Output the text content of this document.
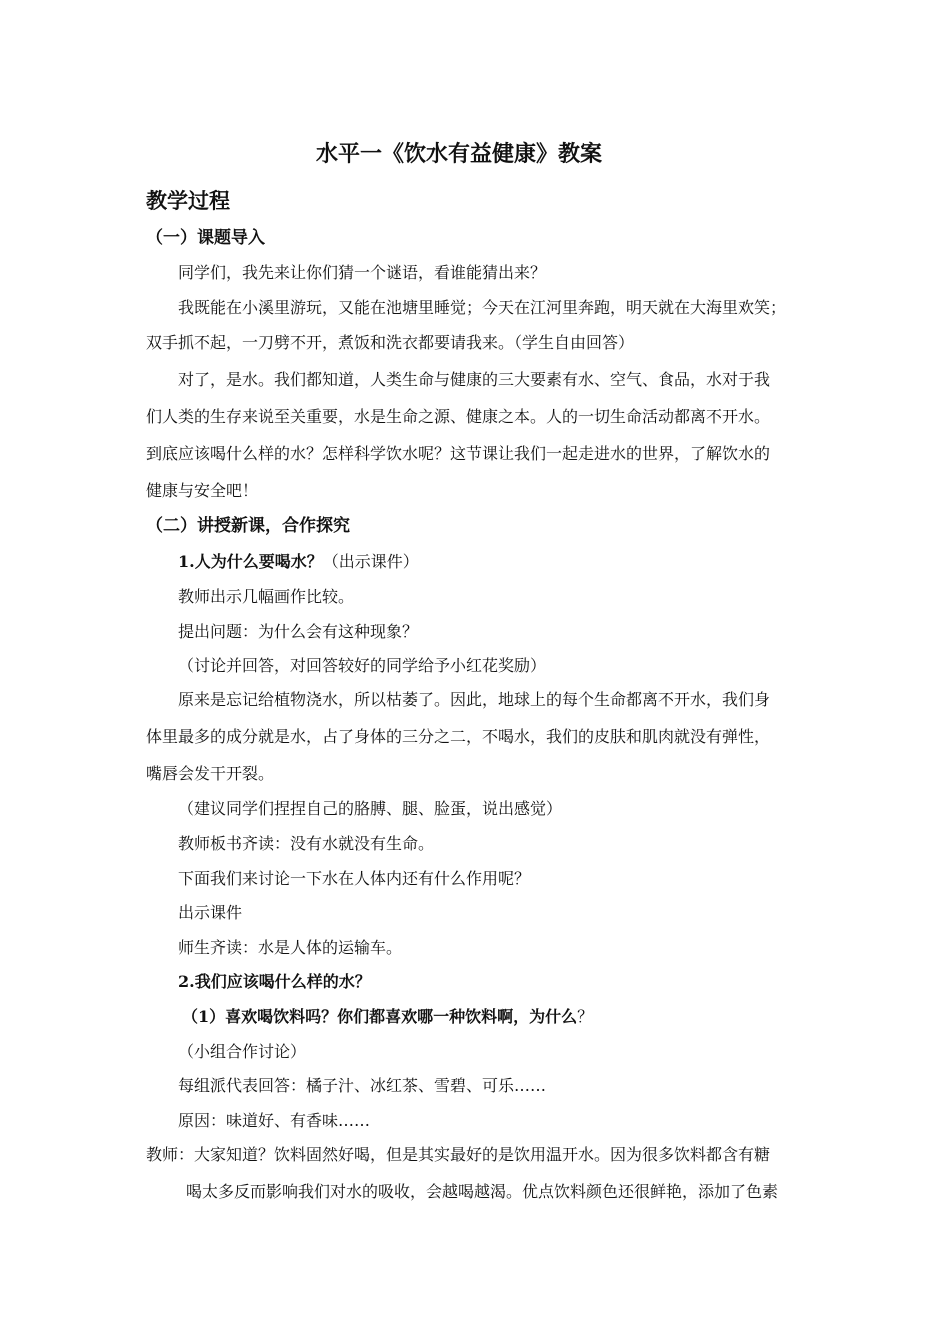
水平一《饮水有益健康》教案
教学过程
（一）课题导入
同学们，我先来让你们猜一个谜语，看谁能猜出来？
我既能在小溪里游玩，又能在池塘里睡觉；今天在江河里奔跑，明天就在大海里欢笑；
双手抓不起，一刀劈不开，煮饭和洗衣都要请我来。（学生自由回答）
对了，是水。我们都知道，人类生命与健康的三大要素有水、空气、食品，水对于我
们人类的生存来说至关重要，水是生命之源、健康之本。人的一切生命活动都离不开水。
到底应该喝什么样的水？怎样科学饮水呢？这节课让我们一起走进水的世界，了解饮水的
健康与安全吧！
（二）讲授新课，合作探究
1.人为什么要喝水？（出示课件）
教师出示几幅画作比较。
提出问题：为什么会有这种现象？
（讨论并回答，对回答较好的同学给予小红花奖励）
原来是忘记给植物浇水，所以枯萎了。因此，地球上的每个生命都离不开水，我们身
体里最多的成分就是水，占了身体的三分之二，不喝水，我们的皮肤和肌肉就没有弹性，
嘴唇会发干开裂。
（建议同学们捏捏自己的胳膊、腿、脸蛋，说出感觉）
教师板书齐读：没有水就没有生命。
下面我们来讨论一下水在人体内还有什么作用呢？
出示课件
师生齐读：水是人体的运输车。
2.我们应该喝什么样的水？
（1）喜欢喝饮料吗？你们都喜欢哪一种饮料啊，为什么？
（小组合作讨论）
每组派代表回答：橘子汁、冰红茶、雪碧、可乐……
原因：味道好、有香味……
教师：大家知道？饮料固然好喝，但是其实最好的是饮用温开水。因为很多饮料都含有糖
喝太多反而影响我们对水的吸收，会越喝越渴。优点饮料颜色还很鲜艳，添加了色素
